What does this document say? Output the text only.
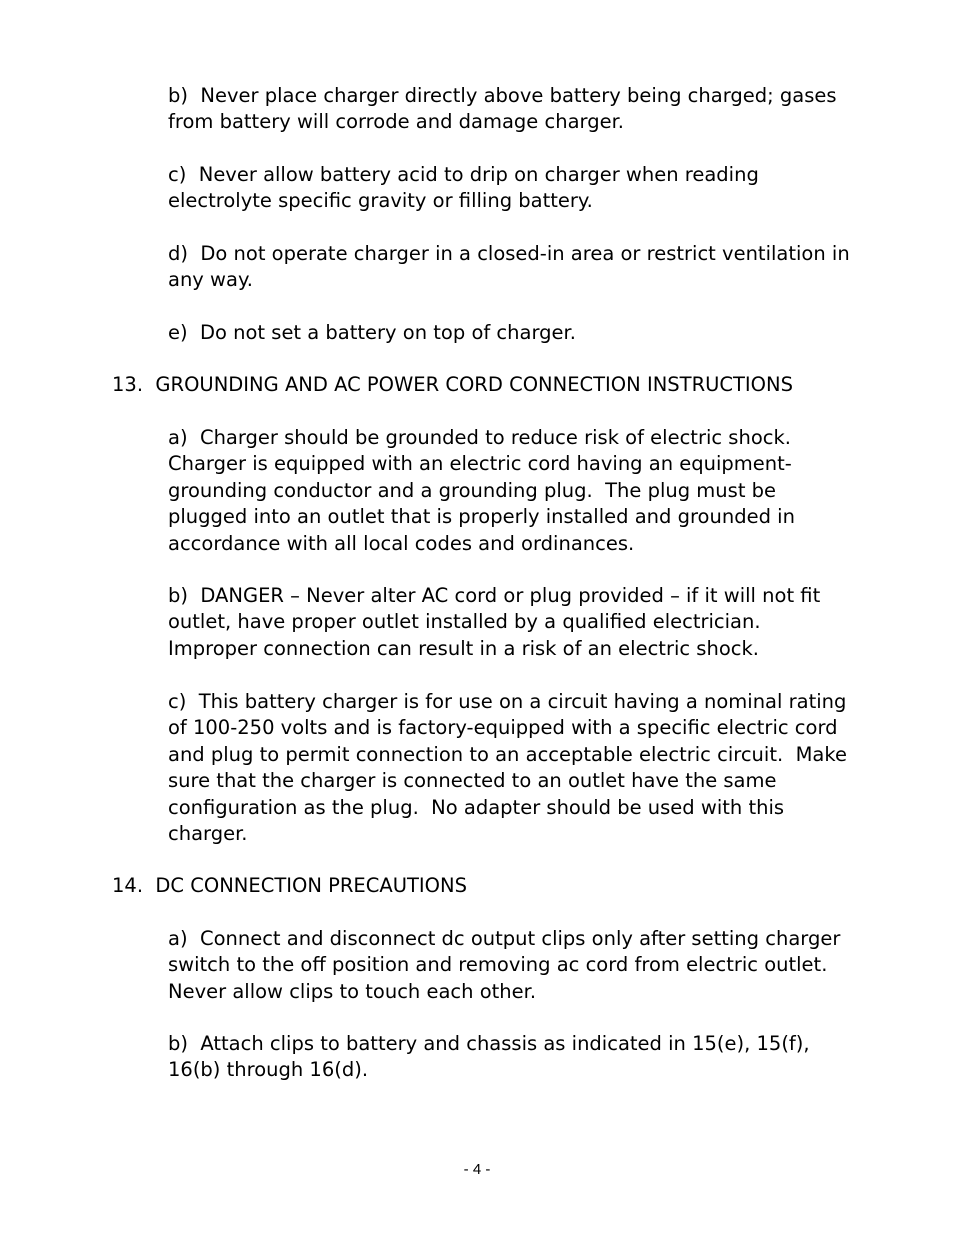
b)  Never place charger directly above battery being charged; gases
from battery will corrode and damage charger.

c)  Never allow battery acid to drip on charger when reading
electrolyte specific gravity or filling battery.

d)  Do not operate charger in a closed-in area or restrict ventilation in
any way.

e)  Do not set a battery on top of charger.

13.  GROUNDING AND AC POWER CORD CONNECTION INSTRUCTIONS

a)  Charger should be grounded to reduce risk of electric shock.
Charger is equipped with an electric cord having an equipment-
grounding conductor and a grounding plug.  The plug must be
plugged into an outlet that is properly installed and grounded in
accordance with all local codes and ordinances.

b)  DANGER – Never alter AC cord or plug provided – if it will not fit
outlet, have proper outlet installed by a qualified electrician.
Improper connection can result in a risk of an electric shock.

c)  This battery charger is for use on a circuit having a nominal rating
of 100-250 volts and is factory-equipped with a specific electric cord
and plug to permit connection to an acceptable electric circuit.  Make
sure that the charger is connected to an outlet have the same
configuration as the plug.  No adapter should be used with this
charger.

14.  DC CONNECTION PRECAUTIONS

a)  Connect and disconnect dc output clips only after setting charger
switch to the off position and removing ac cord from electric outlet.
Never allow clips to touch each other.

b)  Attach clips to battery and chassis as indicated in 15(e), 15(f),
16(b) through 16(d).

- 4 -
